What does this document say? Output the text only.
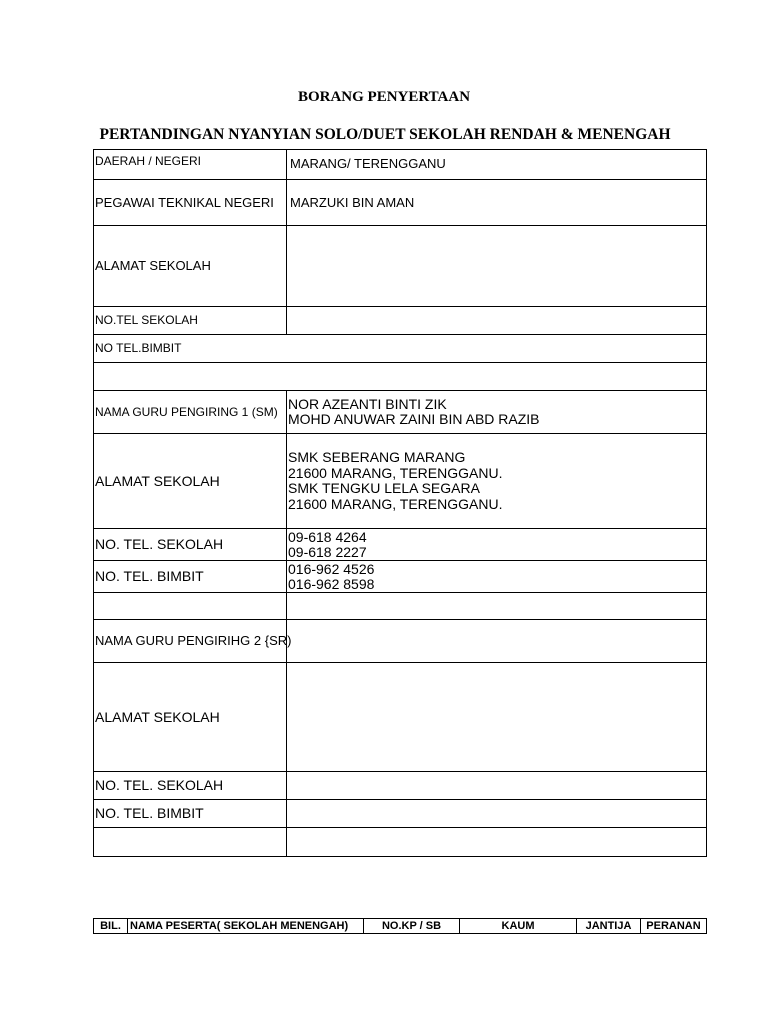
BORANG PENYERTAAN
PERTANDINGAN NYANYIAN SOLO/DUET SEKOLAH RENDAH & MENENGAH
DAERAH / NEGERI	MARANG/ TERENGGANU
PEGAWAI TEKNIKAL NEGERI	MARZUKI BIN AMAN
ALAMAT SEKOLAH	
NO.TEL SEKOLAH	
NO TEL.BIMBIT	

NAMA GURU PENGIRING 1 (SM)	NOR AZEANTI BINTI ZIK
MOHD ANUWAR ZAINI BIN ABD RAZIB

ALAMAT SEKOLAH	SMK SEBERANG MARANG
21600 MARANG, TERENGGANU.
SMK TENGKU LELA SEGARA
21600 MARANG, TERENGGANU.

NO. TEL. SEKOLAH	09-618 4264
09-618 2227

NO. TEL. BIMBIT	016-962 4526
016-962 8598

NAMA GURU PENGIRIHG 2 {SR)	
ALAMAT SEKOLAH	
NO. TEL. SEKOLAH	
NO. TEL. BIMBIT	

BIL.	NAMA PESERTA( SEKOLAH MENENGAH)	NO.KP / SB	KAUM	JANTIJA	PERANAN
